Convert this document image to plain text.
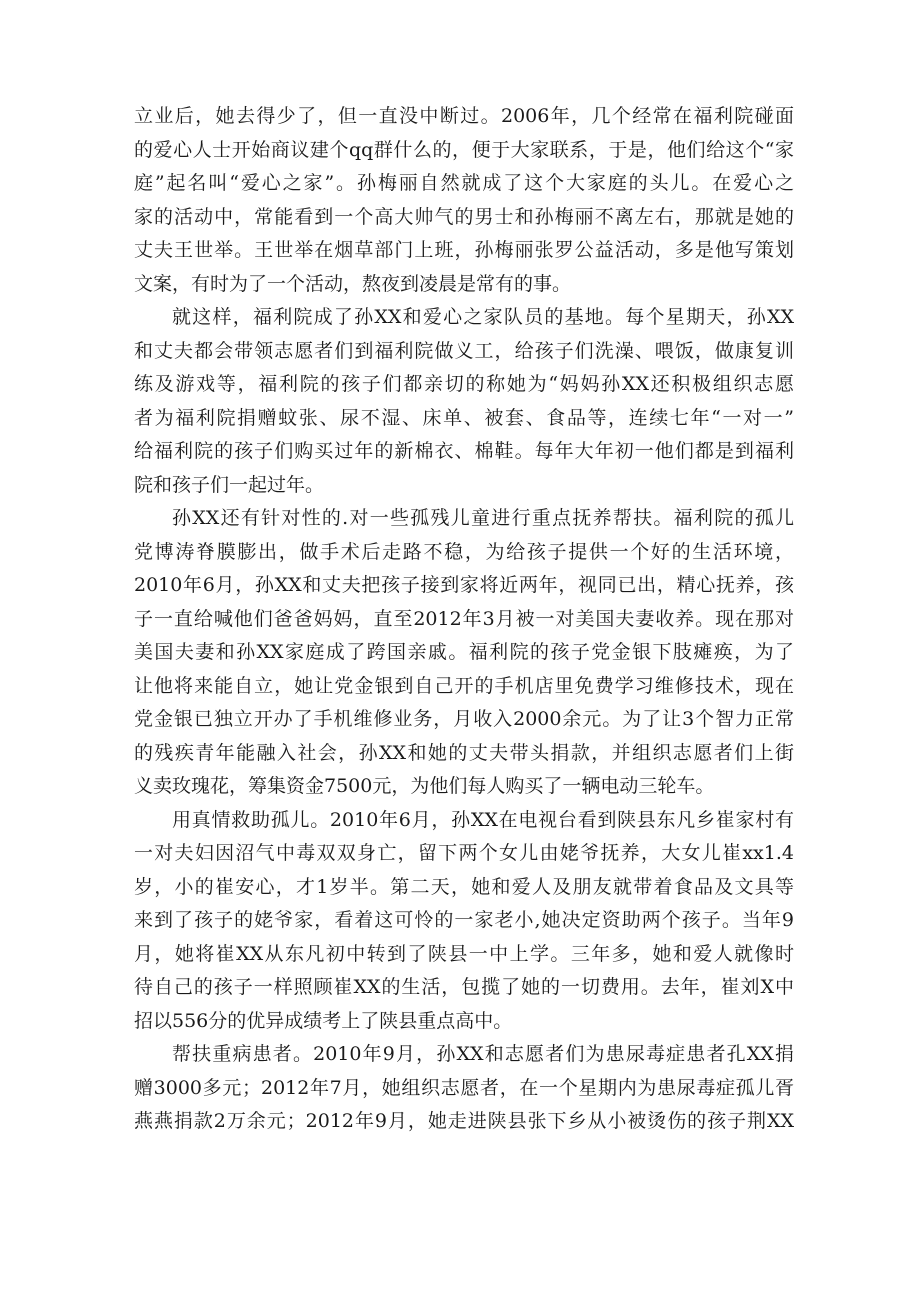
立业后，她去得少了，但一直没中断过。2006年，几个经常在福利院碰面
的爱心人士开始商议建个qq群什么的，便于大家联系，于是，他们给这个“家
庭”起名叫“爱心之家”。孙梅丽自然就成了这个大家庭的头儿。在爱心之
家的活动中，常能看到一个高大帅气的男士和孙梅丽不离左右，那就是她的
丈夫王世举。王世举在烟草部门上班，孙梅丽张罗公益活动，多是他写策划
文案，有时为了一个活动，熬夜到凌晨是常有的事。
就这样，福利院成了孙XX和爱心之家队员的基地。每个星期天，孙XX
和丈夫都会带领志愿者们到福利院做义工，给孩子们洗澡、喂饭，做康复训
练及游戏等，福利院的孩子们都亲切的称她为“妈妈孙XX还积极组织志愿
者为福利院捐赠蚊张、尿不湿、床单、被套、食品等，连续七年“一对一”
给福利院的孩子们购买过年的新棉衣、棉鞋。每年大年初一他们都是到福利
院和孩子们一起过年。
孙XX还有针对性的.对一些孤残儿童进行重点抚养帮扶。福利院的孤儿
党博涛脊膜膨出，做手术后走路不稳，为给孩子提供一个好的生活环境，
2010年6月，孙XX和丈夫把孩子接到家将近两年，视同已出，精心抚养，孩
子一直给喊他们爸爸妈妈，直至2012年3月被一对美国夫妻收养。现在那对
美国夫妻和孙XX家庭成了跨国亲戚。福利院的孩子党金银下肢瘫痪，为了
让他将来能自立，她让党金银到自己开的手机店里免费学习维修技术，现在
党金银已独立开办了手机维修业务，月收入2000余元。为了让3个智力正常
的残疾青年能融入社会，孙XX和她的丈夫带头捐款，并组织志愿者们上街
义卖玫瑰花，筹集资金7500元，为他们每人购买了一辆电动三轮车。
用真情救助孤儿。2010年6月，孙XX在电视台看到陕县东凡乡崔家村有
一对夫妇因沼气中毒双双身亡，留下两个女儿由姥爷抚养，大女儿崔xx1.4
岁，小的崔安心，才1岁半。第二天，她和爱人及朋友就带着食品及文具等
来到了孩子的姥爷家，看着这可怜的一家老小,她决定资助两个孩子。当年9
月，她将崔XX从东凡初中转到了陕县一中上学。三年多，她和爱人就像时
待自己的孩子一样照顾崔XX的生活，包揽了她的一切费用。去年，崔刘X中
招以556分的优异成绩考上了陕县重点高中。
帮扶重病患者。2010年9月，孙XX和志愿者们为患尿毒症患者孔XX捐
赠3000多元；2012年7月，她组织志愿者，在一个星期内为患尿毒症孤儿胥
燕燕捐款2万余元；2012年9月，她走进陕县张下乡从小被烫伤的孩子荆XX
